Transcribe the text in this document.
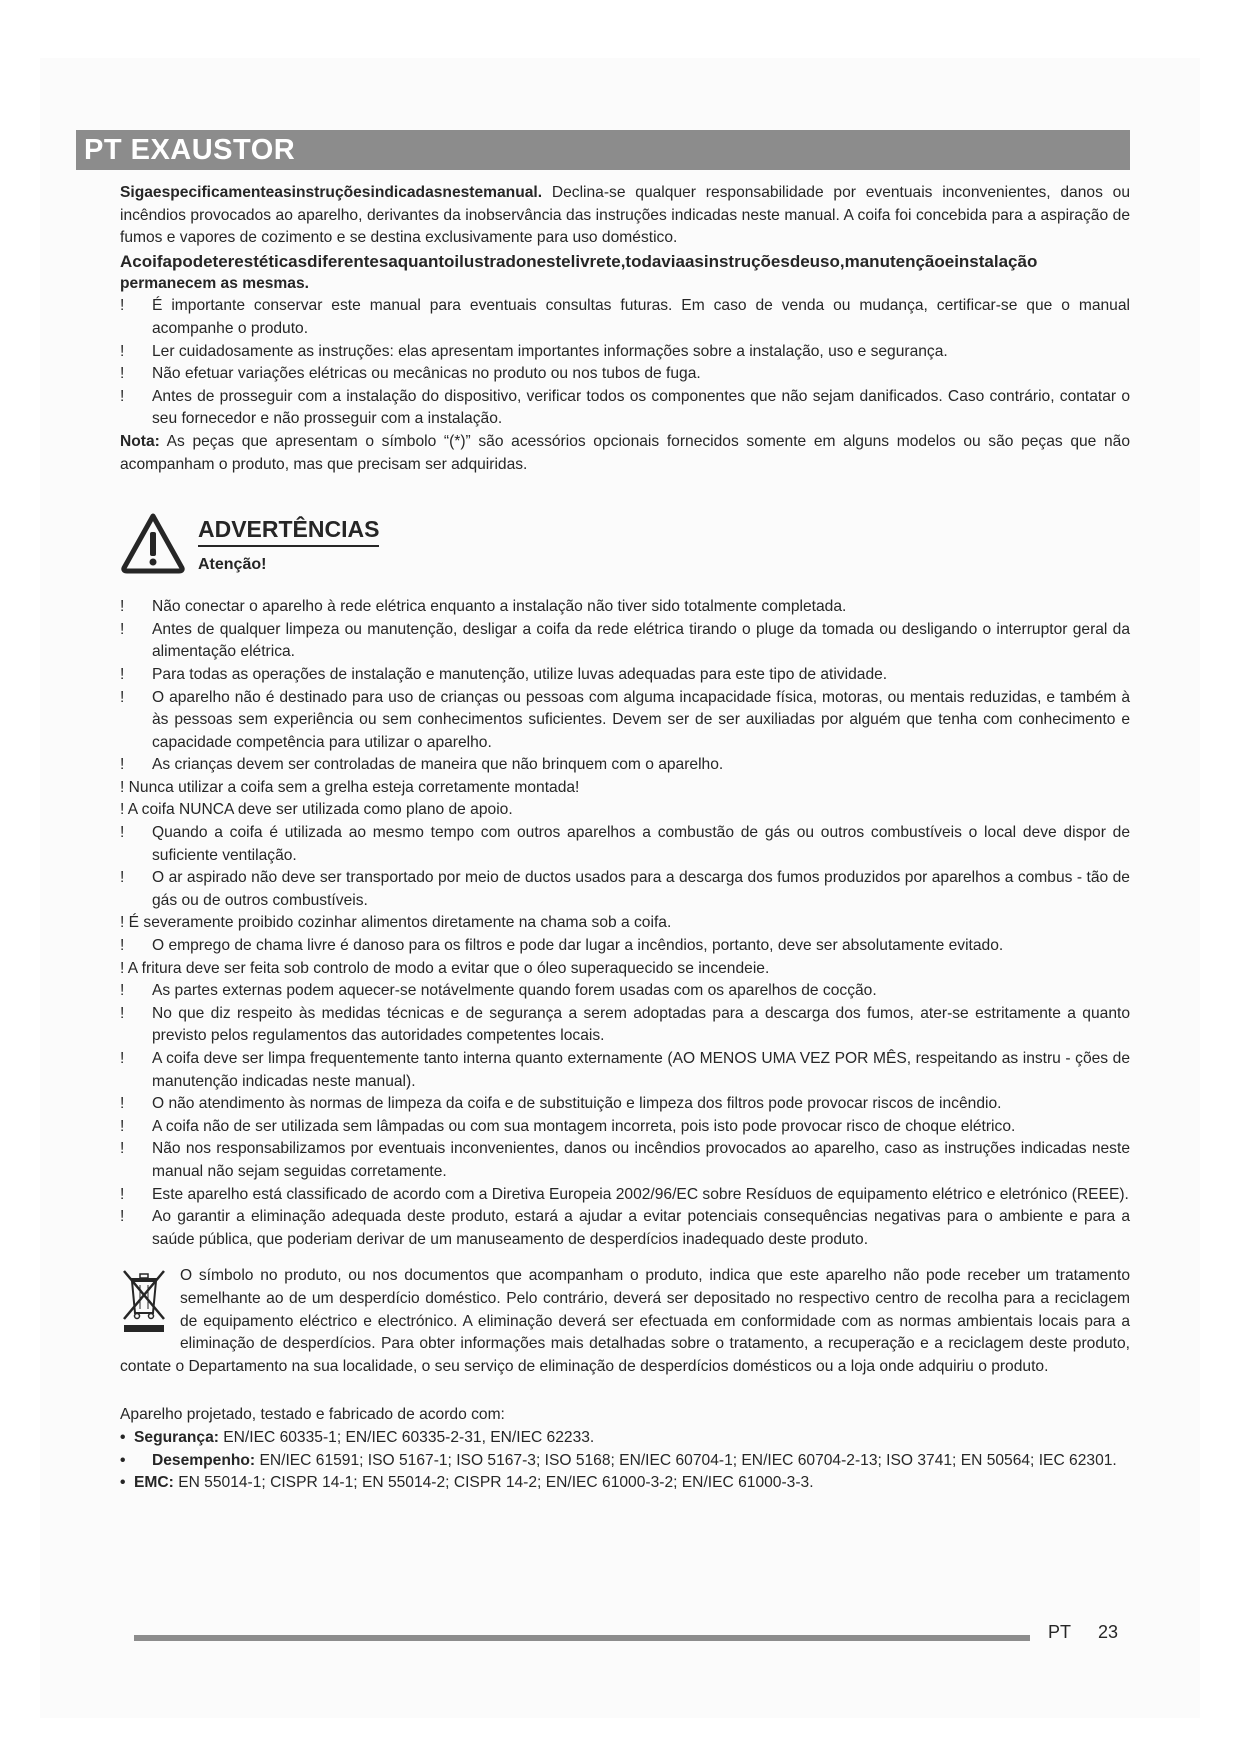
PT EXAUSTOR

Sigaespecificamenteasinstruçõesindicadasnestemanual. Declina-se qualquer responsabilidade por eventuais inconvenientes, danos ou incêndios provocados ao aparelho, derivantes da inobservância das instruções indicadas neste manual. A coifa foi concebida para a aspiração de fumos e vapores de cozimento e se destina exclusivamente para uso doméstico.

Acoifapodeterestéticasdiferentesaquantoilustradonestelivrete,todaviaasinstruçõesdeuso,manutençãoeinstalação

permanecem as mesmas.

!	É importante conservar este manual para eventuais consultas futuras. Em caso de venda ou mudança, certificar-se que o manual acompanhe o produto.
!	Ler cuidadosamente as instruções: elas apresentam importantes informações sobre a instalação, uso e segurança.
!	Não efetuar variações elétricas ou mecânicas no produto ou nos tubos de fuga.
!	Antes de prosseguir com a instalação do dispositivo, verificar todos os componentes que não sejam danificados. Caso contrário, contatar o seu fornecedor e não prosseguir com a instalação.

Nota: As peças que apresentam o símbolo “(*)” são acessórios opcionais fornecidos somente em alguns modelos ou são peças que não acompanham o produto, mas que precisam ser adquiridas.

ADVERTÊNCIAS
Atenção!
!	Não conectar o aparelho à rede elétrica enquanto a instalação não tiver sido totalmente completada.
!	Antes de qualquer limpeza ou manutenção, desligar a coifa da rede elétrica tirando o pluge da tomada ou desligando o interruptor geral da alimentação elétrica.
!	Para todas as operações de instalação e manutenção, utilize luvas adequadas para este tipo de atividade.
!	O aparelho não é destinado para uso de crianças ou pessoas com alguma incapacidade física, motoras, ou mentais reduzidas, e também à às pessoas sem experiência ou sem conhecimentos suficientes. Devem ser de ser auxiliadas por alguém que tenha com conhecimento e capacidade competência para utilizar o aparelho.
!	As crianças devem ser controladas de maneira que não brinquem com o aparelho.

! Nunca utilizar a coifa sem a grelha esteja corretamente montada!

! A coifa NUNCA deve ser utilizada como plano de apoio.

!	Quando a coifa é utilizada ao mesmo tempo com outros aparelhos a combustão de gás ou outros combustíveis o local deve dispor de suficiente ventilação.
!	O ar aspirado não deve ser transportado por meio de ductos usados para a descarga dos fumos produzidos por aparelhos a combus - tão de gás ou de outros combustíveis.

! É severamente proibido cozinhar alimentos diretamente na chama sob a coifa.

!	O emprego de chama livre é danoso para os filtros e pode dar lugar a incêndios, portanto, deve ser absolutamente evitado.

! A fritura deve ser feita sob controlo de modo a evitar que o óleo superaquecido se incendeie.

!	As partes externas podem aquecer-se notávelmente quando forem usadas com os aparelhos de cocção.
!	No que diz respeito às medidas técnicas e de segurança a serem adoptadas para a descarga dos fumos, ater-se estritamente a quanto previsto pelos regulamentos das autoridades competentes locais.
!	A coifa deve ser limpa frequentemente tanto interna quanto externamente (AO MENOS UMA VEZ POR MÊS, respeitando as instru - ções de manutenção indicadas neste manual).
!	O não atendimento às normas de limpeza da coifa e de substituição e limpeza dos filtros pode provocar riscos de incêndio.
!	A coifa não de ser utilizada sem lâmpadas ou com sua montagem incorreta, pois isto pode provocar risco de choque elétrico.
!	Não nos responsabilizamos por eventuais inconvenientes, danos ou incêndios provocados ao aparelho, caso as instruções indicadas neste manual não sejam seguidas corretamente.
!	Este aparelho está classificado de acordo com a Diretiva Europeia 2002/96/EC sobre Resíduos de equipamento elétrico e eletrónico (REEE).
!	Ao garantir a eliminação adequada deste produto, estará a ajudar a evitar potenciais consequências negativas para o ambiente e para a saúde pública, que poderiam derivar de um manuseamento de desperdícios inadequado deste produto.

O símbolo no produto, ou nos documentos que acompanham o produto, indica que este aparelho não pode receber um tratamento semelhante ao de um desperdício doméstico. Pelo contrário, deverá ser depositado no respectivo centro de recolha para a reciclagem de equipamento eléctrico e electrónico. A eliminação deverá ser efectuada em conformidade com as normas ambientais locais para a eliminação de desperdícios. Para obter informações mais detalhadas sobre o tratamento, a recuperação e a reciclagem deste produto, contate o Departamento na sua localidade, o seu serviço de eliminação de desperdícios domésticos ou a loja onde adquiriu o produto.

Aparelho projetado, testado e fabricado de acordo com:

• Segurança: EN/IEC 60335-1; EN/IEC 60335-2-31, EN/IEC 62233.
•	Desempenho: EN/IEC 61591; ISO 5167-1; ISO 5167-3; ISO 5168; EN/IEC 60704-1; EN/IEC 60704-2-13; ISO 3741; EN 50564; IEC 62301.
• EMC: EN 55014-1; CISPR 14-1; EN 55014-2; CISPR 14-2; EN/IEC 61000-3-2; EN/IEC 61000-3-3.
PT 23
